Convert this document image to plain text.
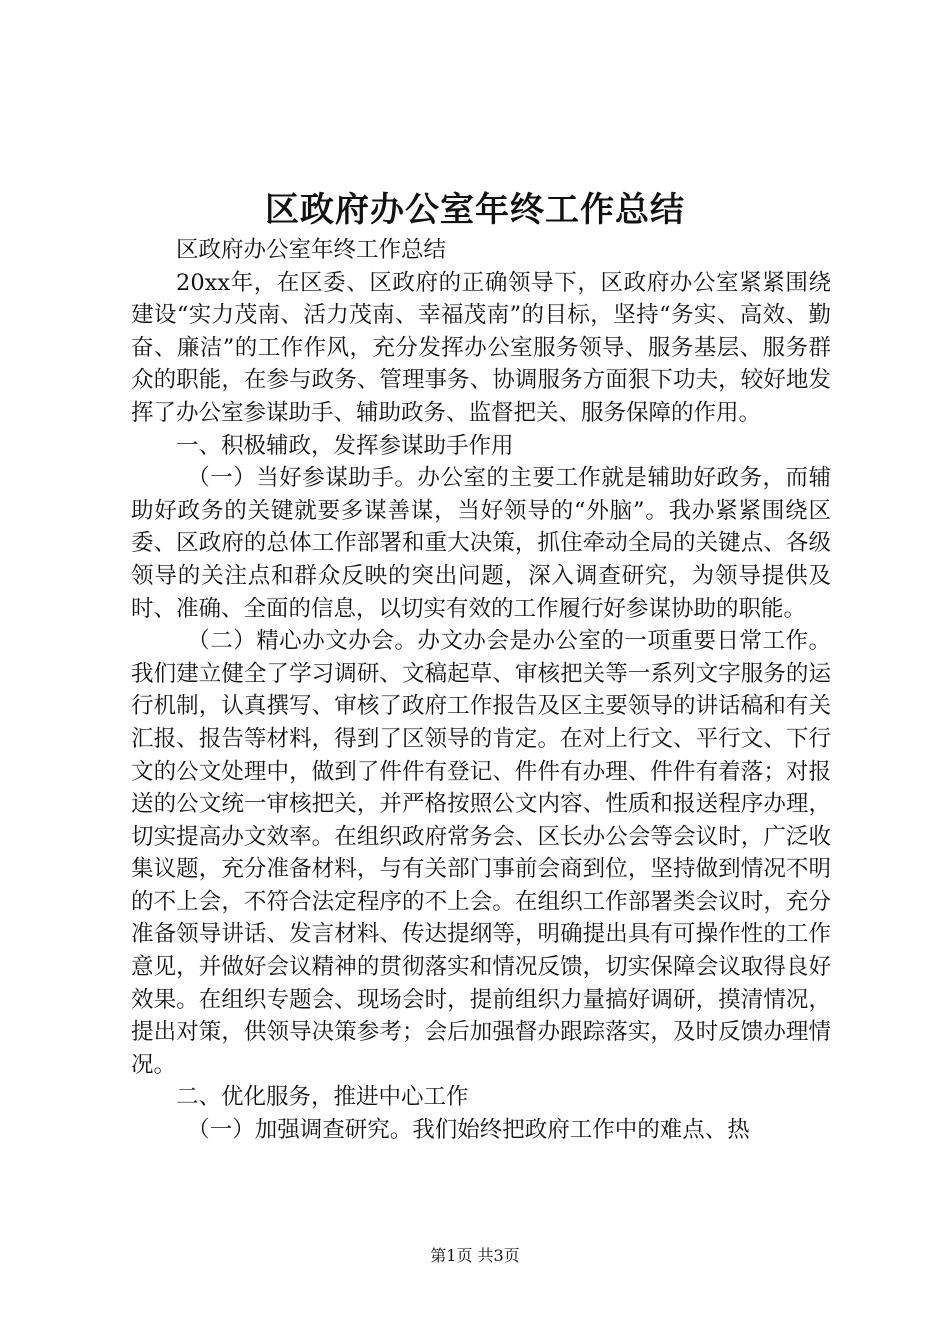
区政府办公室年终工作总结

区政府办公室年终工作总结

20xx年，在区委、区政府的正确领导下，区政府办公室紧紧围绕建设“实力茂南、活力茂南、幸福茂南”的目标，坚持“务实、高效、勤奋、廉洁”的工作作风，充分发挥办公室服务领导、服务基层、服务群众的职能，在参与政务、管理事务、协调服务方面狠下功夫，较好地发挥了办公室参谋助手、辅助政务、监督把关、服务保障的作用。

一、积极辅政，发挥参谋助手作用

（一）当好参谋助手。办公室的主要工作就是辅助好政务，而辅助好政务的关键就要多谋善谋，当好领导的“外脑”。我办紧紧围绕区委、区政府的总体工作部署和重大决策，抓住牵动全局的关键点、各级领导的关注点和群众反映的突出问题，深入调查研究，为领导提供及时、准确、全面的信息，以切实有效的工作履行好参谋协助的职能。

（二）精心办文办会。办文办会是办公室的一项重要日常工作。我们建立健全了学习调研、文稿起草、审核把关等一系列文字服务的运行机制，认真撰写、审核了政府工作报告及区主要领导的讲话稿和有关汇报、报告等材料，得到了区领导的肯定。在对上行文、平行文、下行文的公文处理中，做到了件件有登记、件件有办理、件件有着落；对报送的公文统一审核把关，并严格按照公文内容、性质和报送程序办理，切实提高办文效率。在组织政府常务会、区长办公会等会议时，广泛收集议题，充分准备材料，与有关部门事前会商到位，坚持做到情况不明的不上会，不符合法定程序的不上会。在组织工作部署类会议时，充分准备领导讲话、发言材料、传达提纲等，明确提出具有可操作性的工作意见，并做好会议精神的贯彻落实和情况反馈，切实保障会议取得良好效果。在组织专题会、现场会时，提前组织力量搞好调研，摸清情况，提出对策，供领导决策参考；会后加强督办跟踪落实，及时反馈办理情况。

二、优化服务，推进中心工作

（一）加强调查研究。我们始终把政府工作中的难点、热

第1页 共3页
